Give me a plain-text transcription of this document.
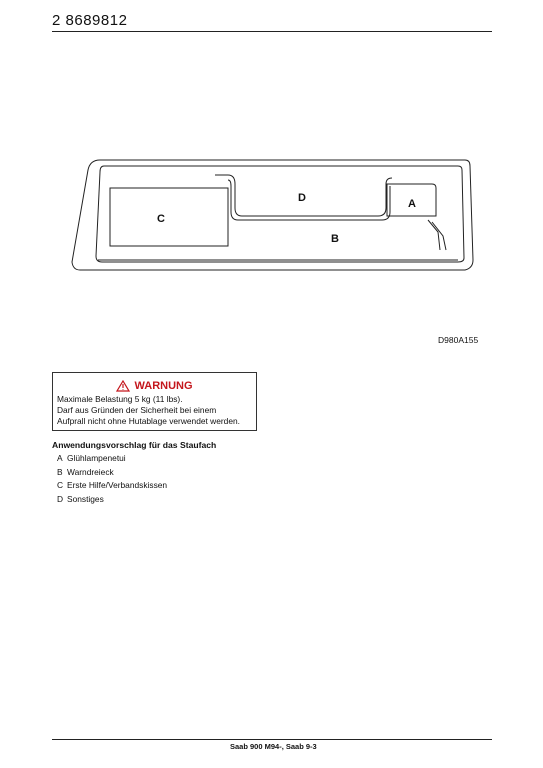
2 8689812
C
D	A
B
D980A155
WARNUNG
Maximale Belastung 5 kg (11 lbs).
Darf aus Gründen der Sicherheit bei einem
Aufprall nicht ohne Hutablage verwendet werden.
Anwendungsvorschlag für das Staufach
A Glühlampenetui
B Warndreieck
C Erste Hilfe/Verbandskissen
D Sonstiges
Saab 900 M94-, Saab 9-3
